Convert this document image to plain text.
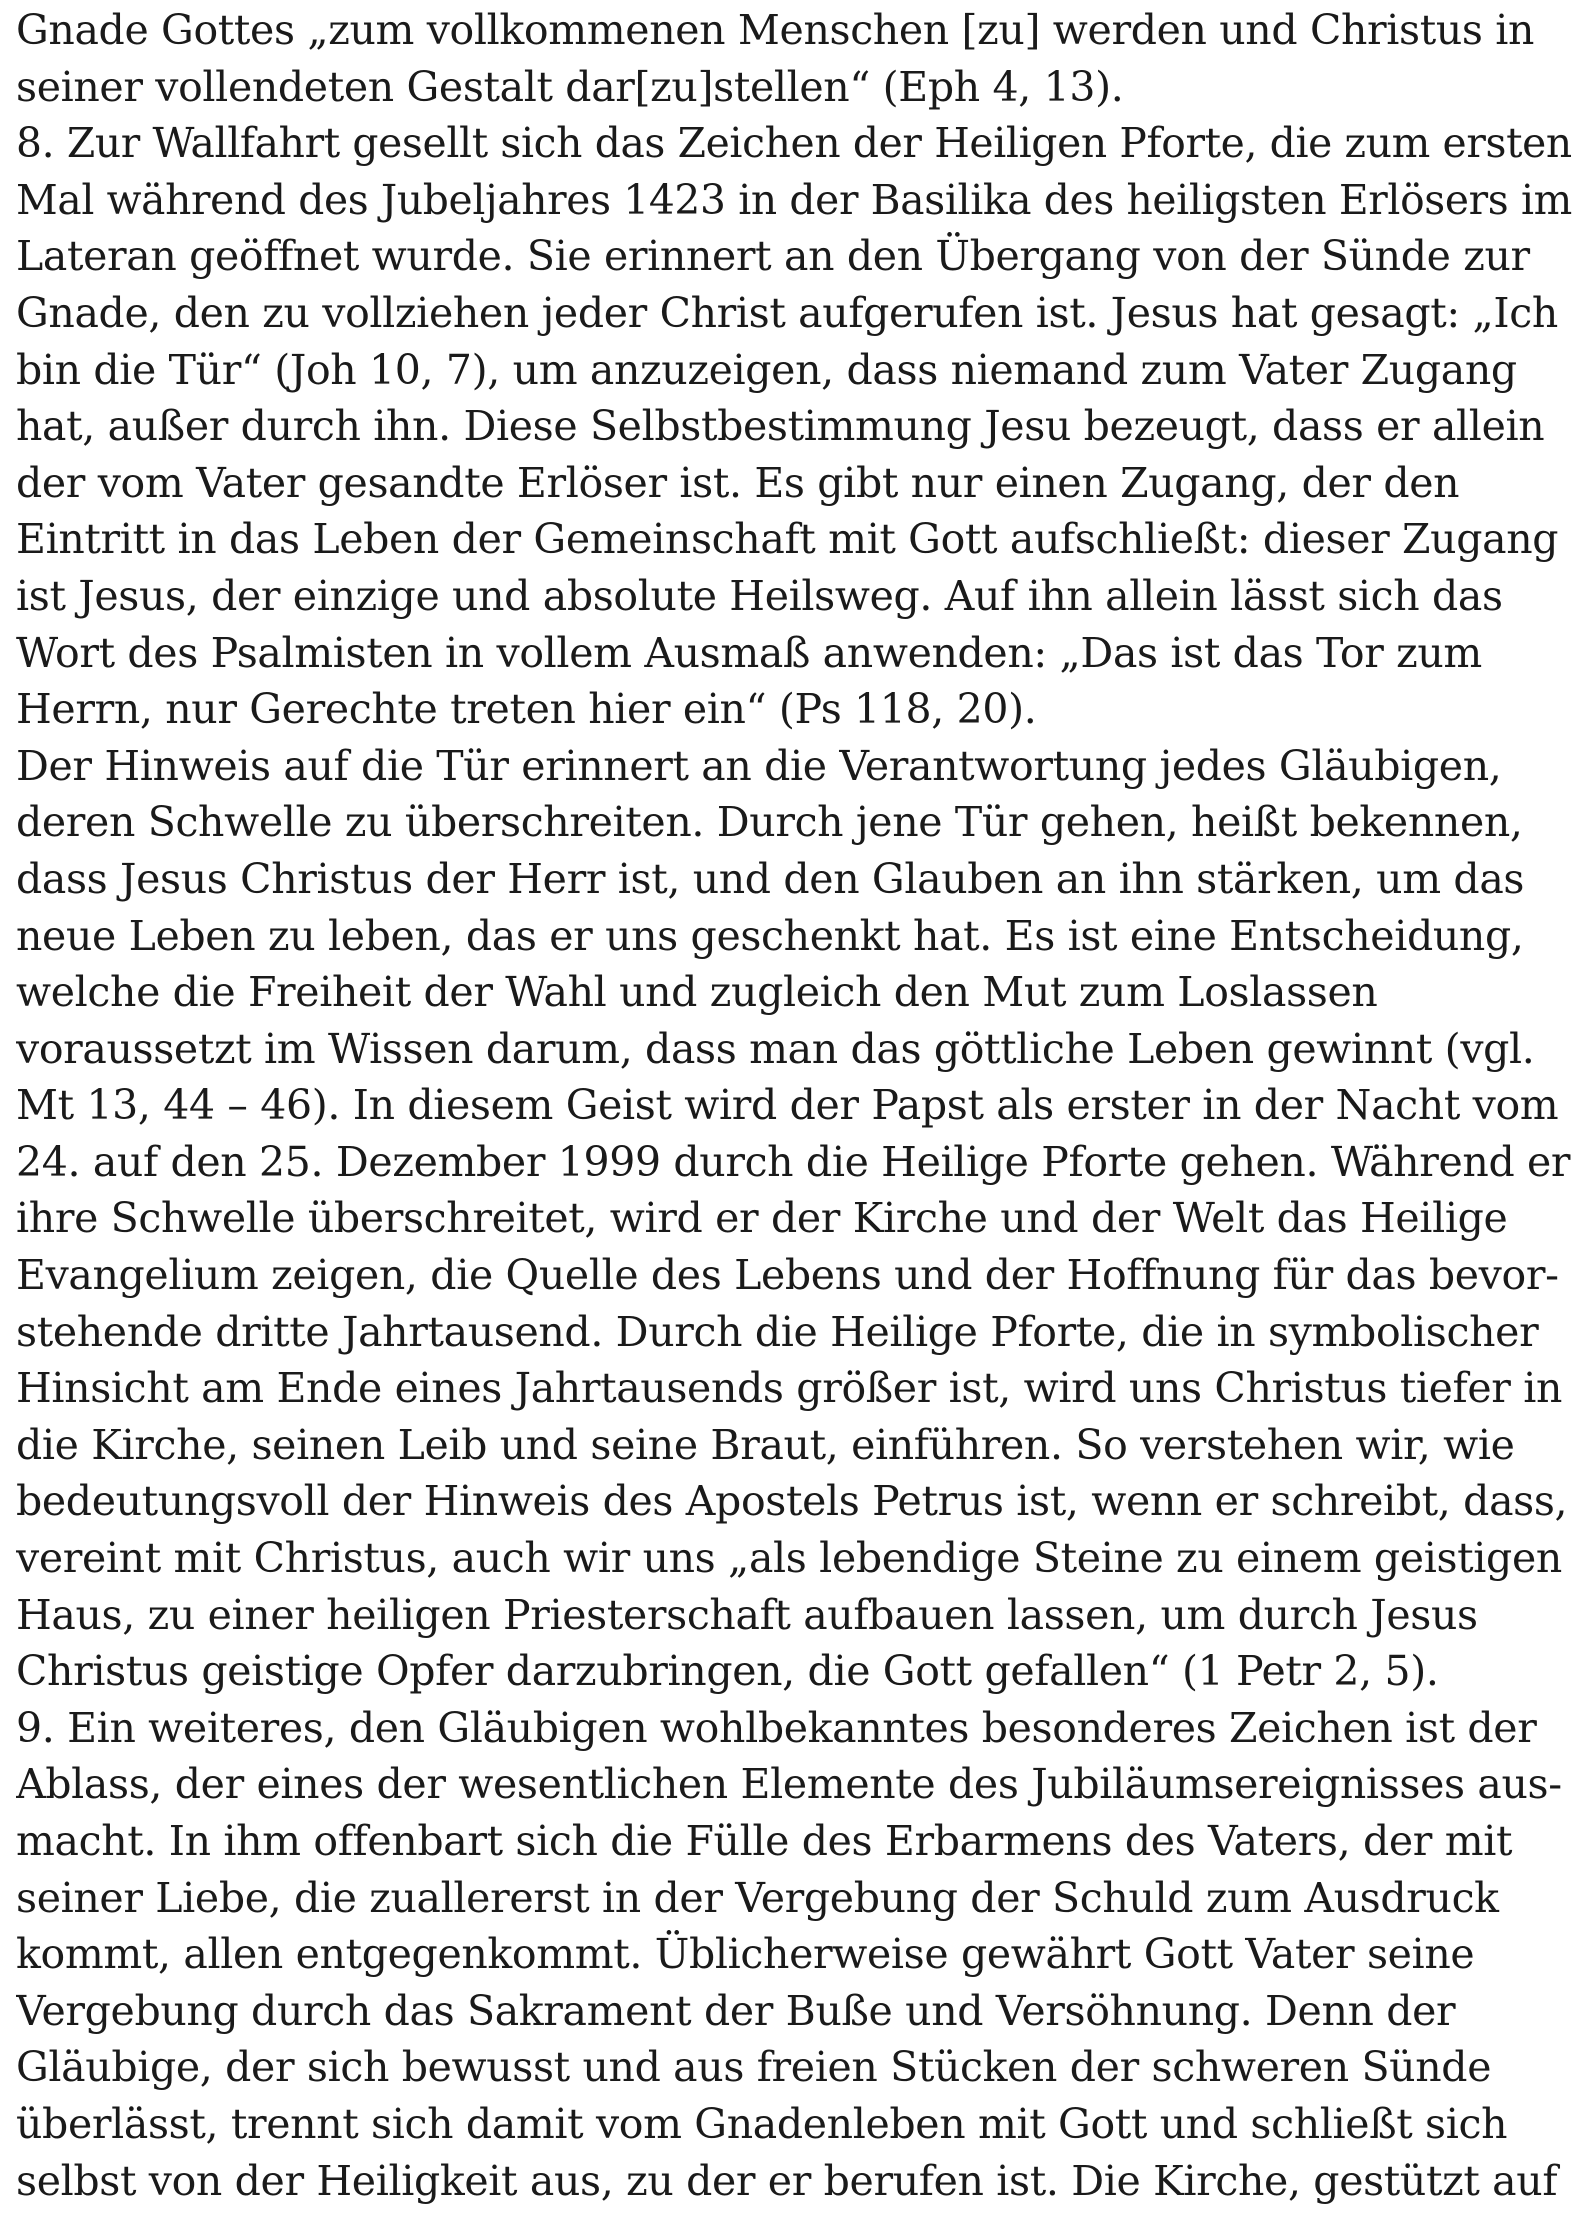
Gnade Gottes „zum vollkommenen Menschen [zu] werden und Christus in
seiner vollendeten Gestalt dar[zu]stellen“ (Eph 4, 13).
8. Zur Wallfahrt gesellt sich das Zeichen der Heiligen Pforte, die zum ersten
Mal während des Jubeljahres 1423 in der Basilika des heiligsten Erlösers im
Lateran geöffnet wurde. Sie erinnert an den Übergang von der Sünde zur
Gnade, den zu vollziehen jeder Christ aufgerufen ist. Jesus hat gesagt: „Ich
bin die Tür“ (Joh 10, 7), um anzuzeigen, dass niemand zum Vater Zugang
hat, außer durch ihn. Diese Selbstbestimmung Jesu bezeugt, dass er allein
der vom Vater gesandte Erlöser ist. Es gibt nur einen Zugang, der den
Eintritt in das Leben der Gemeinschaft mit Gott aufschließt: dieser Zugang
ist Jesus, der einzige und absolute Heilsweg. Auf ihn allein lässt sich das
Wort des Psalmisten in vollem Ausmaß anwenden: „Das ist das Tor zum
Herrn, nur Gerechte treten hier ein“ (Ps 118, 20).
Der Hinweis auf die Tür erinnert an die Verantwortung jedes Gläubigen,
deren Schwelle zu überschreiten. Durch jene Tür gehen, heißt bekennen,
dass Jesus Christus der Herr ist, und den Glauben an ihn stärken, um das
neue Leben zu leben, das er uns geschenkt hat. Es ist eine Entscheidung,
welche die Freiheit der Wahl und zugleich den Mut zum Loslassen
voraussetzt im Wissen darum, dass man das göttliche Leben gewinnt (vgl.
Mt 13, 44 – 46). In diesem Geist wird der Papst als erster in der Nacht vom
24. auf den 25. Dezember 1999 durch die Heilige Pforte gehen. Während er
ihre Schwelle überschreitet, wird er der Kirche und der Welt das Heilige
Evangelium zeigen, die Quelle des Lebens und der Hoffnung für das bevor-
stehende dritte Jahrtausend. Durch die Heilige Pforte, die in symbolischer
Hinsicht am Ende eines Jahrtausends größer ist, wird uns Christus tiefer in
die Kirche, seinen Leib und seine Braut, einführen. So verstehen wir, wie
bedeutungsvoll der Hinweis des Apostels Petrus ist, wenn er schreibt, dass,
vereint mit Christus, auch wir uns „als lebendige Steine zu einem geistigen
Haus, zu einer heiligen Priesterschaft aufbauen lassen, um durch Jesus
Christus geistige Opfer darzubringen, die Gott gefallen“ (1 Petr 2, 5).
9. Ein weiteres, den Gläubigen wohlbekanntes besonderes Zeichen ist der
Ablass, der eines der wesentlichen Elemente des Jubiläumsereignisses aus-
macht. In ihm offenbart sich die Fülle des Erbarmens des Vaters, der mit
seiner Liebe, die zuallererst in der Vergebung der Schuld zum Ausdruck
kommt, allen entgegenkommt. Üblicherweise gewährt Gott Vater seine
Vergebung durch das Sakrament der Buße und Versöhnung. Denn der
Gläubige, der sich bewusst und aus freien Stücken der schweren Sünde
überlässt, trennt sich damit vom Gnadenleben mit Gott und schließt sich
selbst von der Heiligkeit aus, zu der er berufen ist. Die Kirche, gestützt auf
